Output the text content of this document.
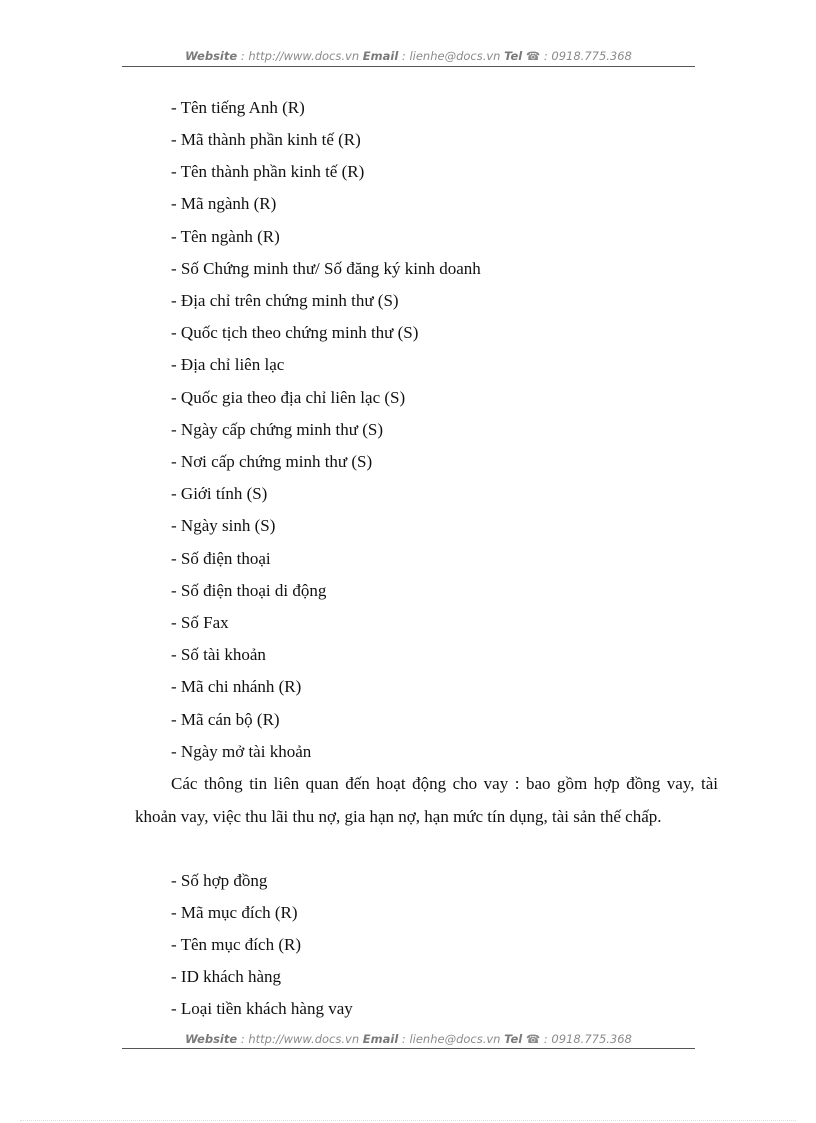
Website : http://www.docs.vn Email : lienhe@docs.vn Tel ☎ : 0918.775.368
- Tên tiếng Anh (R)
- Mã thành phần kinh tế (R)
- Tên thành phần kinh tế (R)
- Mã ngành (R)
- Tên ngành (R)
- Số Chứng minh thư/ Số đăng ký kinh doanh
- Địa chỉ trên chứng minh thư (S)
- Quốc tịch theo chứng minh thư (S)
- Địa chỉ liên lạc
- Quốc gia theo địa chỉ liên lạc (S)
- Ngày cấp chứng minh thư (S)
- Nơi cấp chứng minh thư (S)
- Giới tính (S)
- Ngày sinh (S)
- Số điện thoại
- Số điện thoại di động
- Số Fax
- Số tài khoản
- Mã chi nhánh (R)
- Mã cán bộ (R)
- Ngày mở tài khoản
Các thông tin liên quan đến hoạt động cho vay : bao gồm hợp đồng vay, tài khoản vay, việc thu lãi thu nợ, gia hạn nợ, hạn mức tín dụng, tài sản thế chấp.
- Số hợp đồng
- Mã mục đích (R)
- Tên mục đích (R)
- ID khách hàng
- Loại tiền khách hàng vay
Website : http://www.docs.vn Email : lienhe@docs.vn Tel ☎ : 0918.775.368
